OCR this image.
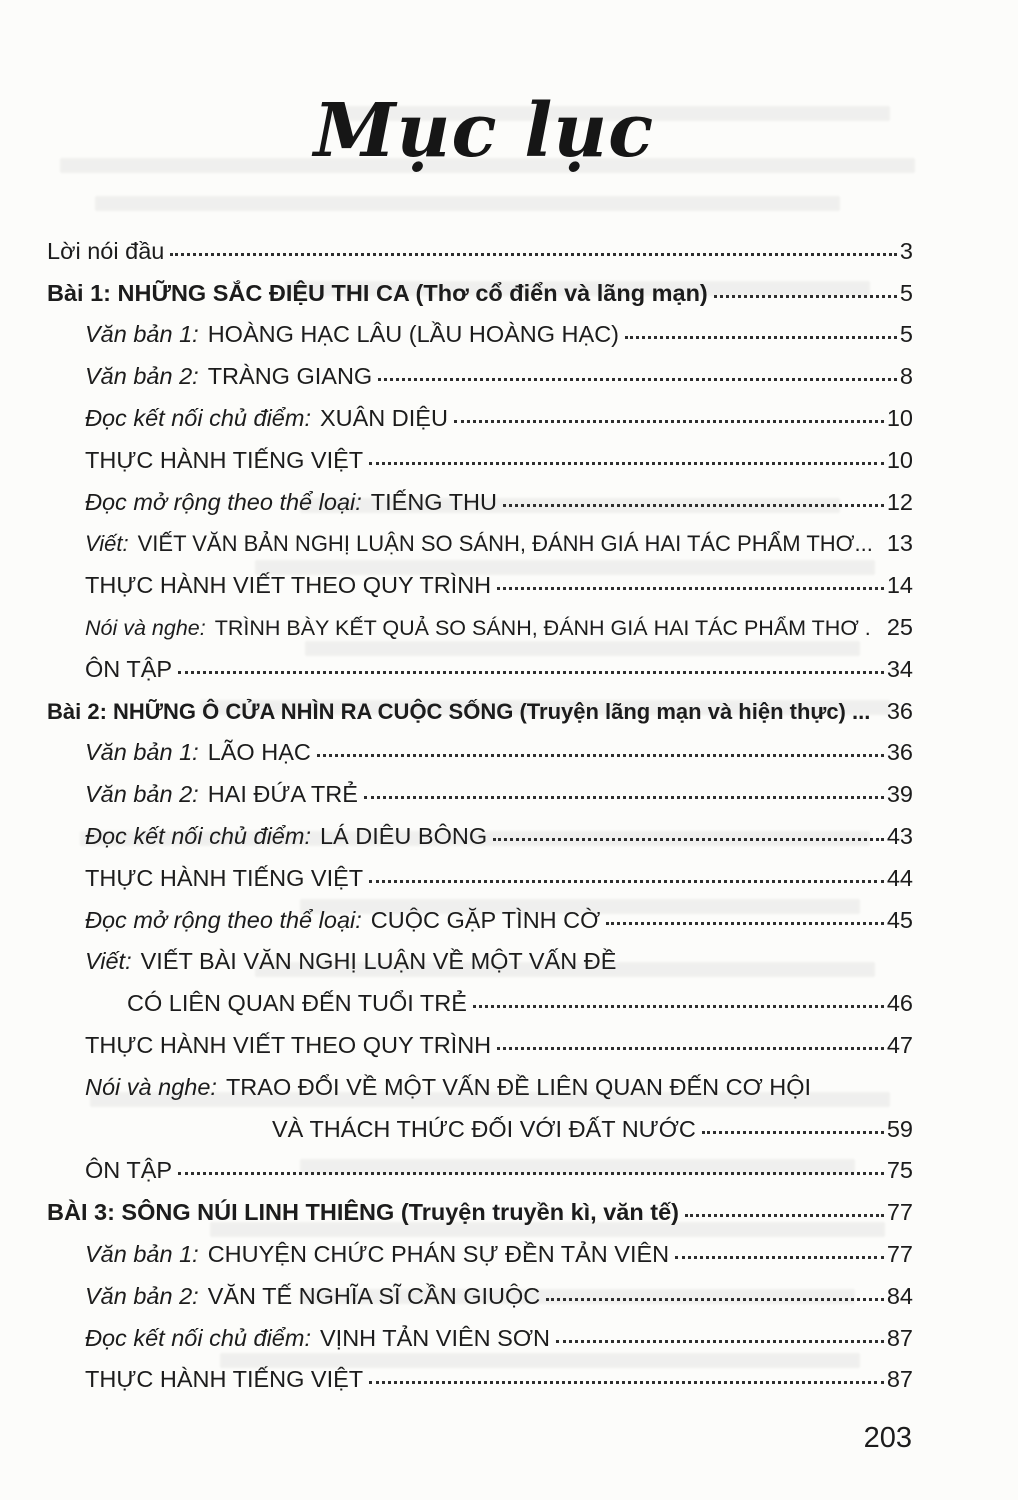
Mục lục
Lời nói đầu	3
Bài 1: NHỮNG SẮC ĐIỆU THI CA (Thơ cổ điển và lãng mạn)	5
Văn bản 1: HOÀNG HẠC LÂU (LẦU HOÀNG HẠC)	5
Văn bản 2: TRÀNG GIANG	8
Đọc kết nối chủ điểm: XUÂN DIỆU	10
THỰC HÀNH TIẾNG VIỆT	10
Đọc mở rộng theo thể loại: TIẾNG THU	12
Viết: VIẾT VĂN BẢN NGHỊ LUẬN SO SÁNH, ĐÁNH GIÁ HAI TÁC PHẨM THƠ... 13
THỰC HÀNH VIẾT THEO QUY TRÌNH	14
Nói và nghe: TRÌNH BÀY KẾT QUẢ SO SÁNH, ĐÁNH GIÁ HAI TÁC PHẨM THƠ . 25
ÔN TẬP	34
Bài 2: NHỮNG Ô CỬA NHÌN RA CUỘC SỐNG (Truyện lãng mạn và hiện thực) ... 36
Văn bản 1: LÃO HẠC	36
Văn bản 2: HAI ĐỨA TRẺ	39
Đọc kết nối chủ điểm: LÁ DIÊU BÔNG	43
THỰC HÀNH TIẾNG VIỆT	44
Đọc mở rộng theo thể loại: CUỘC GẶP TÌNH CỜ	45
Viết: VIẾT BÀI VĂN NGHỊ LUẬN VỀ MỘT VẤN ĐỀ
CÓ LIÊN QUAN ĐẾN TUỔI TRẺ	46
THỰC HÀNH VIẾT THEO QUY TRÌNH	47
Nói và nghe: TRAO ĐỔI VỀ MỘT VẤN ĐỀ LIÊN QUAN ĐẾN CƠ HỘI
VÀ THÁCH THỨC ĐỐI VỚI ĐẤT NƯỚC	59
ÔN TẬP	75
BÀI 3: SÔNG NÚI LINH THIÊNG (Truyện truyền kì, văn tế)	77
Văn bản 1: CHUYỆN CHỨC PHÁN SỰ ĐỀN TẢN VIÊN	77
Văn bản 2: VĂN TẾ NGHĨA SĨ CẦN GIUỘC	84
Đọc kết nối chủ điểm: VỊNH TẢN VIÊN SƠN	87
THỰC HÀNH TIẾNG VIỆT	87
203
